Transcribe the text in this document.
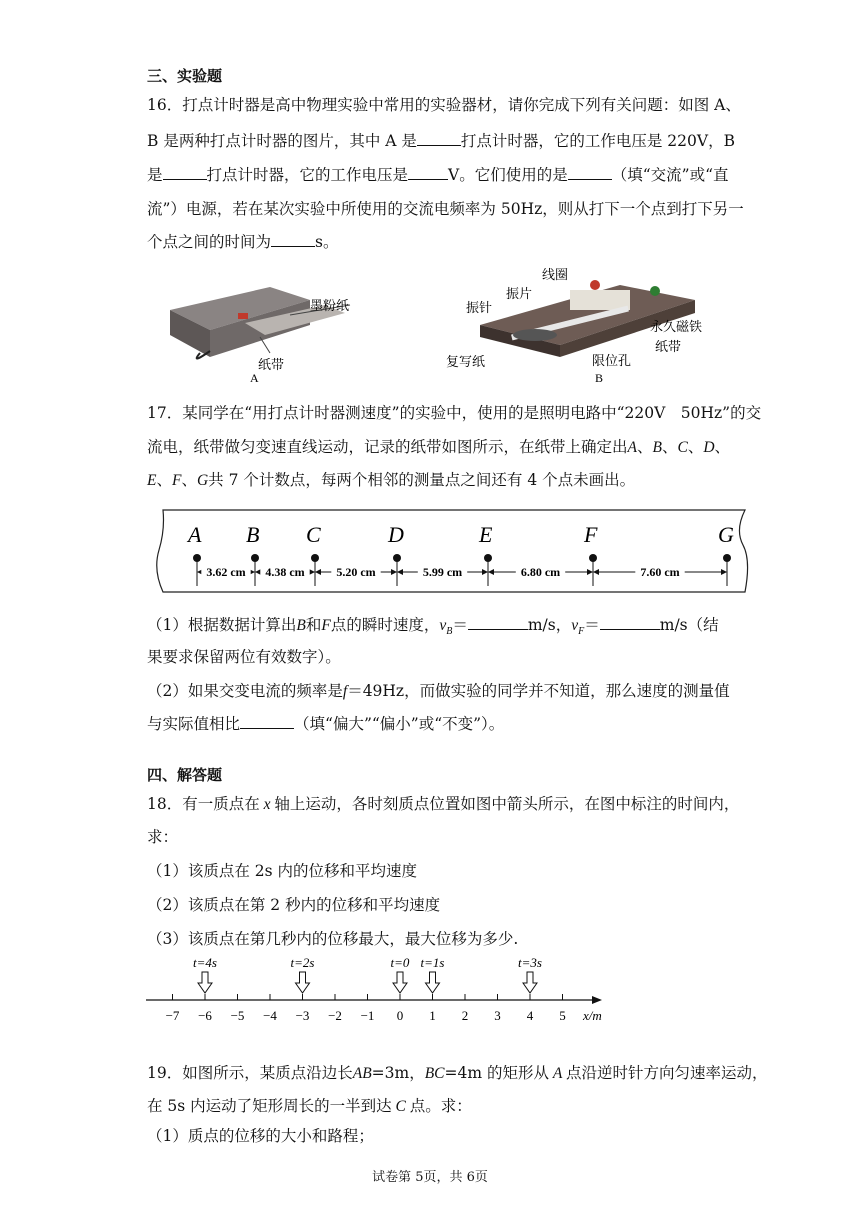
三、实验题
16．打点计时器是高中物理实验中常用的实验器材，请你完成下列有关问题：如图 A、
B 是两种打点计时器的图片，其中 A 是	打点计时器，它的工作电压是 220V，B
是	打点计时器，它的工作电压是	V。它们使用的是	（填“交流”或“直
流”）电源，若在某次实验中所使用的交流电频率为 50Hz，则从打下一个点到打下另一
个点之间的时间为	s。
墨粉纸
纸带
A
线圈
振片
振针
永久磁铁
纸带
复写纸	限位孔
B
17．某同学在“用打点计时器测速度”的实验中，使用的是照明电路中“220V　50Hz”的交
流电，纸带做匀变速直线运动，记录的纸带如图所示，在纸带上确定出A、B、C、D、
E、F、G共 7 个计数点，每两个相邻的测量点之间还有 4 个点未画出。
A B C	D	E	F	G
3.62 cm 4.38 cm	5.20 cm	5.99 cm	6.80 cm	7.60 cm
（1）根据数据计算出B和F点的瞬时速度，$v_B=$	m/s，$v_F=$	m/s（结
果要求保留两位有效数字）。
（2）如果交变电流的频率是f＝49Hz，而做实验的同学并不知道，那么速度的测量值
与实际值相比	（填“偏大”“偏小”或“不变”）。
四、解答题
18．有一质点在 x 轴上运动，各时刻质点位置如图中箭头所示，在图中标注的时间内，
求：
（1）该质点在 2s 内的位移和平均速度
（2）该质点在第 2 秒内的位移和平均速度
（3）该质点在第几秒内的位移最大，最大位移为多少.
−7 −6 −5 −4 −3 −2 −1 0 1 2 3 4 5 x/m
t=4s	t=2s	t=0 t=1s	t=3s
19．如图所示，某质点沿边长AB=3m，BC=4m 的矩形从 A 点沿逆时针方向匀速率运动，
在 5s 内运动了矩形周长的一半到达 C 点。求：
（1）质点的位移的大小和路程；
试卷第 5页，共 6页
